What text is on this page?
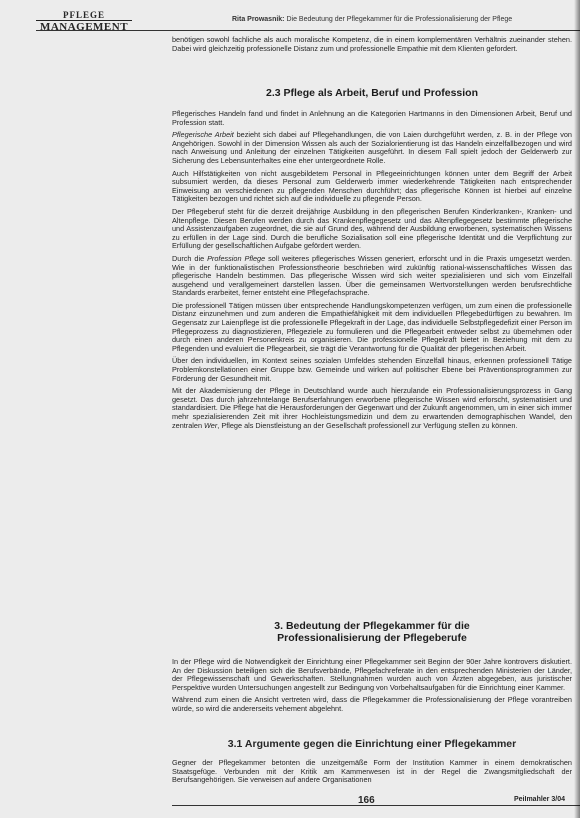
PFLEGE
MANAGEMENT
Rita Prowasnik: Die Bedeutung der Pflegekammer für die Professionalisierung der Pflege

benötigen sowohl fachliche als auch moralische Kompetenz, die in einem komplementären Verhältnis zueinander stehen. Dabei wird gleichzeitig professionelle Distanz zum und professionelle Empathie mit dem Klienten gefordert.

2.3 Pflege als Arbeit, Beruf und Profession

Pflegerisches Handeln fand und findet in Anlehnung an die Kategorien Hartmanns in den Dimensionen Arbeit, Beruf und Profession statt.

Pflegerische Arbeit bezieht sich dabei auf Pflegehandlungen, die von Laien durchgeführt werden, z. B. in der Pflege von Angehörigen. Sowohl in der Dimension Wissen als auch der Sozialorientierung ist das Handeln einzelfallbezogen und wird nach Anweisung und Anleitung der einzelnen Tätigkeiten ausgeführt. In diesem Fall spielt jedoch der Gelderwerb zur Sicherung des Lebensunterhaltes eine eher untergeordnete Rolle.

Auch Hilfstätigkeiten von nicht ausgebildetem Personal in Pflegeeinrichtungen können unter dem Begriff der Arbeit subsumiert werden, da dieses Personal zum Gelderwerb immer wiederkehrende Tätigkeiten nach entsprechender Einweisung an verschiedenen zu pflegenden Menschen durchführt; das pflegerische Können ist hierbei auf einzelne Tätigkeiten bezogen und richtet sich auf die individuelle zu pflegende Person.

Der Pflegeberuf steht für die derzeit dreijährige Ausbildung in den pflegerischen Berufen Kinderkranken-, Kranken- und Altenpflege. Diesen Berufen werden durch das Krankenpflegegesetz und das Altenpflegegesetz bestimmte pflegerische und Assistenzaufgaben zugeordnet, die sie auf Grund des, während der Ausbildung erworbenen, systematischen Wissens zu erfüllen in der Lage sind. Durch die berufliche Sozialisation soll eine pflegerische Identität und die Verpflichtung zur Erfüllung der gesellschaftlichen Aufgabe gefördert werden.

Durch die Profession Pflege soll weiteres pflegerisches Wissen generiert, erforscht und in die Praxis umgesetzt werden. Wie in der funktionalistischen Professionstheorie beschrieben wird zukünftig rational-wissenschaftliches Wissen das pflegerische Handeln bestimmen. Das pflegerische Wissen wird sich weiter spezialisieren und sich vom Einzelfall ausgehend und verallgemeinert darstellen lassen. Über die gemeinsamen Wertvorstellungen werden berufsrechtliche Standards erarbeitet, ferner entsteht eine Pflegefachsprache.

Die professionell Tätigen müssen über entsprechende Handlungskompetenzen verfügen, um zum einen die professionelle Distanz einzunehmen und zum anderen die Empathiefähigkeit mit dem individuellen Pflegebedürftigen zu bewahren. Im Gegensatz zur Laienpflege ist die professionelle Pflegekraft in der Lage, das individuelle Selbstpflegedefizit einer Person im Pflegeprozess zu diagnostizieren, Pflegeziele zu formulieren und die Pflegearbeit entweder selbst zu übernehmen oder durch einen anderen Personenkreis zu organisieren. Die professionelle Pflegekraft bietet in Beziehung mit dem zu Pflegenden und evaluiert die Pflegearbeit, sie trägt die Verantwortung für die Qualität der pflegerischen Arbeit.

Über den individuellen, im Kontext seines sozialen Umfeldes stehenden Einzelfall hinaus, erkennen professionell Tätige Problemkonstellationen einer Gruppe bzw. Gemeinde und wirken auf politischer Ebene bei Präventionsprogrammen zur Förderung der Gesundheit mit.

Mit der Akademisierung der Pflege in Deutschland wurde auch hierzulande ein Professionalisierungsprozess in Gang gesetzt. Das durch jahrzehntelange Berufserfahrungen erworbene pflegerische Wissen wird erforscht, systematisiert und standardisiert. Die Pflege hat die Herausforderungen der Gegenwart und der Zukunft angenommen, um in einer sich immer mehr spezialisierenden Zeit mit ihrer Hochleistungsmedizin und dem zu erwartenden demographischen Wandel, den zentralen Wer, Pflege als Dienstleistung an der Gesellschaft professionell zur Verfügung stellen zu können.

3. Bedeutung der Pflegekammer für die
Professionalisierung der Pflegeberufe

In der Pflege wird die Notwendigkeit der Einrichtung einer Pflegekammer seit Beginn der 90er Jahre kontrovers diskutiert. An der Diskussion beteiligen sich die Berufsverbände, Pflegefachreferate in den entsprechenden Ministerien der Länder, der Pflegewissenschaft und Gewerkschaften. Stellungnahmen wurden auch von Ärzten abgegeben, aus juristischer Perspektive wurden Untersuchungen angestellt zur Bedingung von Vorbehaltsaufgaben für die Einrichtung einer Kammer.

Während zum einen die Ansicht vertreten wird, dass die Pflegekammer die Professionalisierung der Pflege vorantreiben würde, so wird die andererseits vehement abgelehnt.

3.1 Argumente gegen die Einrichtung einer Pflegekammer

Gegner der Pflegekammer betonten die unzeitgemäße Form der Institution Kammer in einem demokratischen Staatsgefüge. Verbunden mit der Kritik am Kammerwesen ist in der Regel die Zwangsmitgliedschaft der Berufsangehörigen. Sie verweisen auf andere Organisationen

166	PeiImahler 3/04
